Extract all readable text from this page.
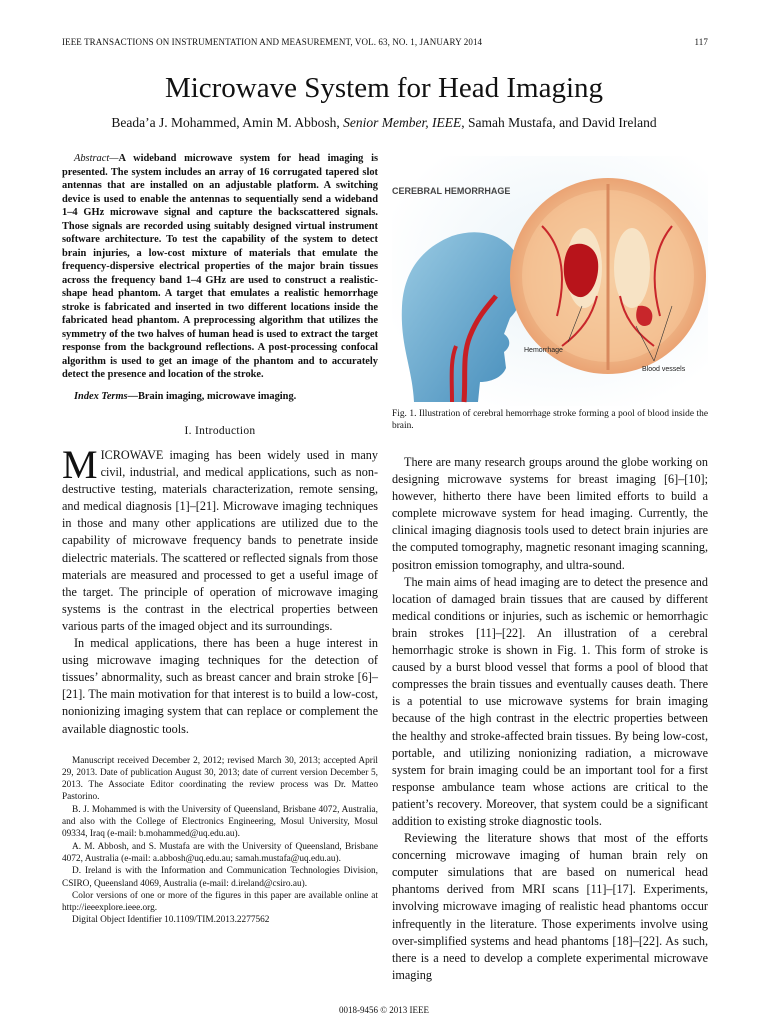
IEEE TRANSACTIONS ON INSTRUMENTATION AND MEASUREMENT, VOL. 63, NO. 1, JANUARY 2014	117
Microwave System for Head Imaging
Beada’a J. Mohammed, Amin M. Abbosh, Senior Member, IEEE, Samah Mustafa, and David Ireland

Abstract—A wideband microwave system for head imaging is presented. The system includes an array of 16 corrugated tapered slot antennas that are installed on an adjustable platform. A switching device is used to enable the antennas to sequentially send a wideband 1–4 GHz microwave signal and capture the backscattered signals. Those signals are recorded using suitably designed virtual instrument software architecture. To test the capability of the system to detect brain injuries, a low-cost mixture of materials that emulate the frequency-dispersive electrical properties of the major brain tissues across the frequency band 1–4 GHz are used to construct a realistic-shape head phantom. A target that emulates a realistic hemorrhage stroke is fabricated and inserted in two different locations inside the fabricated head phantom. A preprocessing algorithm that utilizes the symmetry of the two halves of human head is used to extract the target response from the background reflections. A post-processing confocal algorithm is used to get an image of the phantom and to accurately detect the presence and location of the stroke.

Index Terms—Brain imaging, microwave imaging.

I. Introduction

MICROWAVE imaging has been widely used in many civil, industrial, and medical applications, such as non-destructive testing, materials characterization, remote sensing, and medical diagnosis [1]–[21]. Microwave imaging techniques in those and many other applications are utilized due to the capability of microwave frequency bands to penetrate inside dielectric materials. The scattered or reflected signals from those materials are measured and processed to get a useful image of the target. The principle of operation of microwave imaging systems is the contrast in the electrical properties between various parts of the imaged object and its surroundings.

In medical applications, there has been a huge interest in using microwave imaging techniques for the detection of tissues’ abnormality, such as breast cancer and brain stroke [6]–[21]. The main motivation for that interest is to build a low-cost, nonionizing imaging system that can replace or complement the available diagnostic tools.

Manuscript received December 2, 2012; revised March 30, 2013; accepted April 29, 2013. Date of publication August 30, 2013; date of current version December 5, 2013. The Associate Editor coordinating the review process was Dr. Matteo Pastorino.

B. J. Mohammed is with the University of Queensland, Brisbane 4072, Australia, and also with the College of Electronics Engineering, Mosul University, Mosul 09334, Iraq (e-mail: b.mohammed@uq.edu.au).

A. M. Abbosh, and S. Mustafa are with the University of Queensland, Brisbane 4072, Australia (e-mail: a.abbosh@uq.edu.au; samah.mustafa@uq.edu.au).

D. Ireland is with the Information and Communication Technologies Division, CSIRO, Queensland 4069, Australia (e-mail: d.ireland@csiro.au).

Color versions of one or more of the figures in this paper are available online at http://ieeexplore.ieee.org.

Digital Object Identifier 10.1109/TIM.2013.2277562

CEREBRAL HEMORRHAGE
Hemorrhage
Blood vessels
Fig. 1. Illustration of cerebral hemorrhage stroke forming a pool of blood inside the brain.

There are many research groups around the globe working on designing microwave systems for breast imaging [6]–[10]; however, hitherto there have been limited efforts to build a complete microwave system for head imaging. Currently, the clinical imaging diagnosis tools used to detect brain injuries are the computed tomography, magnetic resonant imaging scanning, positron emission tomography, and ultra-sound.

The main aims of head imaging are to detect the presence and location of damaged brain tissues that are caused by different medical conditions or injuries, such as ischemic or hemorrhagic brain strokes [11]–[22]. An illustration of a cerebral hemorrhagic stroke is shown in Fig. 1. This form of stroke is caused by a burst blood vessel that forms a pool of blood that compresses the brain tissues and eventually causes death. There is a potential to use microwave systems for brain imaging because of the high contrast in the electric properties between the healthy and stroke-affected brain tissues. By being low-cost, portable, and utilizing nonionizing radiation, a microwave system for brain imaging could be an important tool for a first response ambulance team whose actions are critical to the patient’s recovery. Moreover, that system could be a significant addition to existing stroke diagnostic tools.

Reviewing the literature shows that most of the efforts concerning microwave imaging of human brain rely on computer simulations that are based on numerical head phantoms derived from MRI scans [11]–[17]. Experiments, involving microwave imaging of realistic head phantoms occur infrequently in the literature. Those experiments involve using over-simplified systems and head phantoms [18]–[22]. As such, there is a need to develop a complete experimental microwave imaging

0018-9456 © 2013 IEEE
